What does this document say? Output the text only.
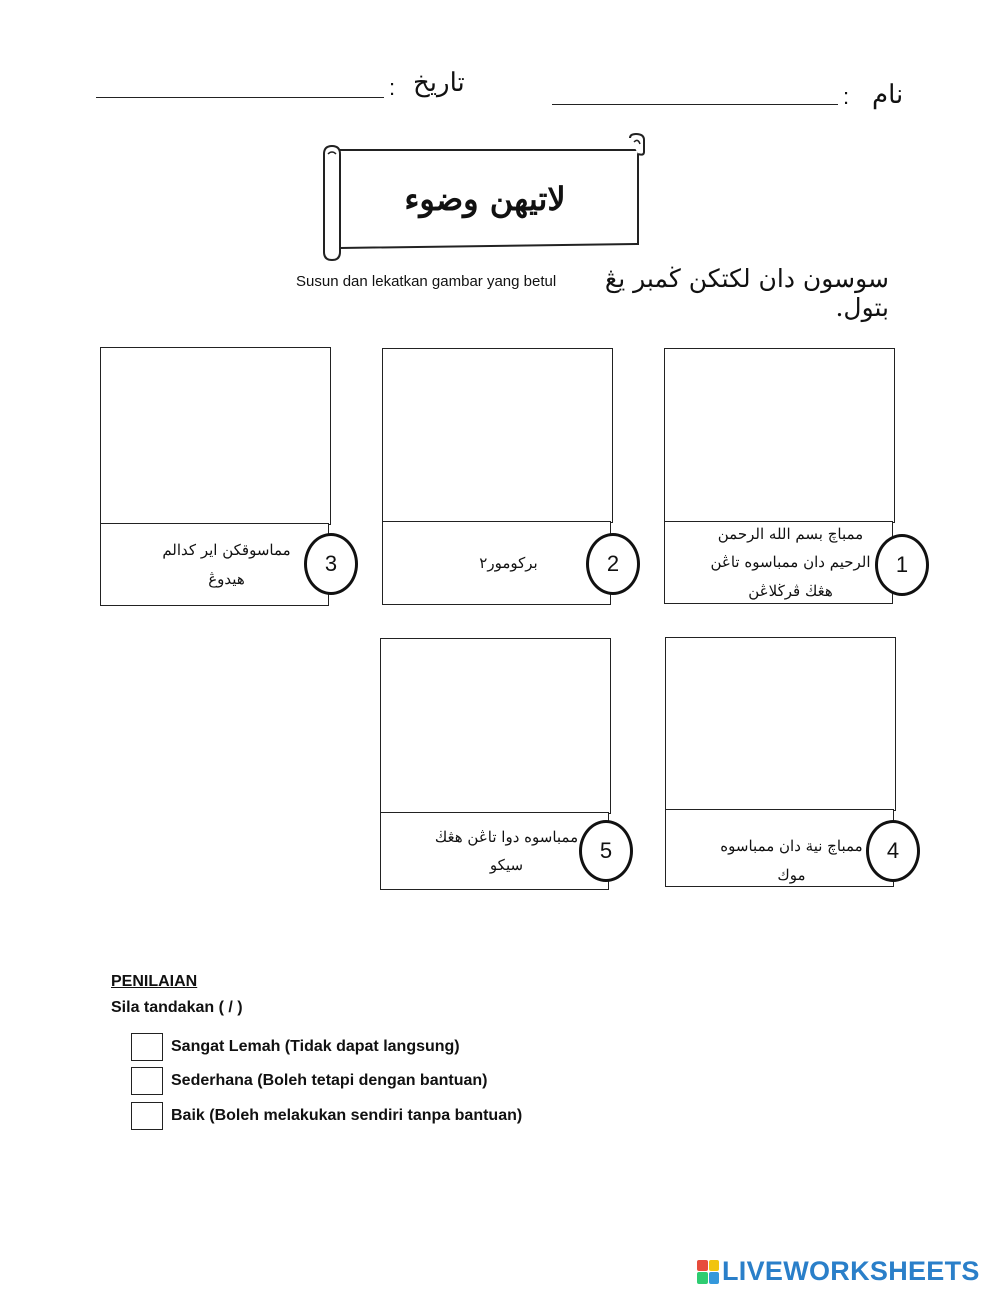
نام
:
تاريخ
:
لاتيهن وضوء
سوسون دان لکتکن ڬمبر يڠ بتول.
Susun dan lekatkan gambar yang betul
ممباچ بسم الله الرحمن الرحيم دان ممباسوه تاڠن هڠڬ ڤرڬلاڠن
1
بركومور٢	2
مماسوقكن اير كدالم هيدوڠ
3
ممباچ نية دان ممباسوه موك
4
ممباسوه دوا تاڠن هڠڬ سيكو
5
PENILAIAN
Sila tandakan ( / )
Sangat Lemah (Tidak dapat langsung)
Sederhana (Boleh tetapi dengan bantuan)
Baik (Boleh melakukan sendiri tanpa bantuan)
LIVEWORKSHEETS
